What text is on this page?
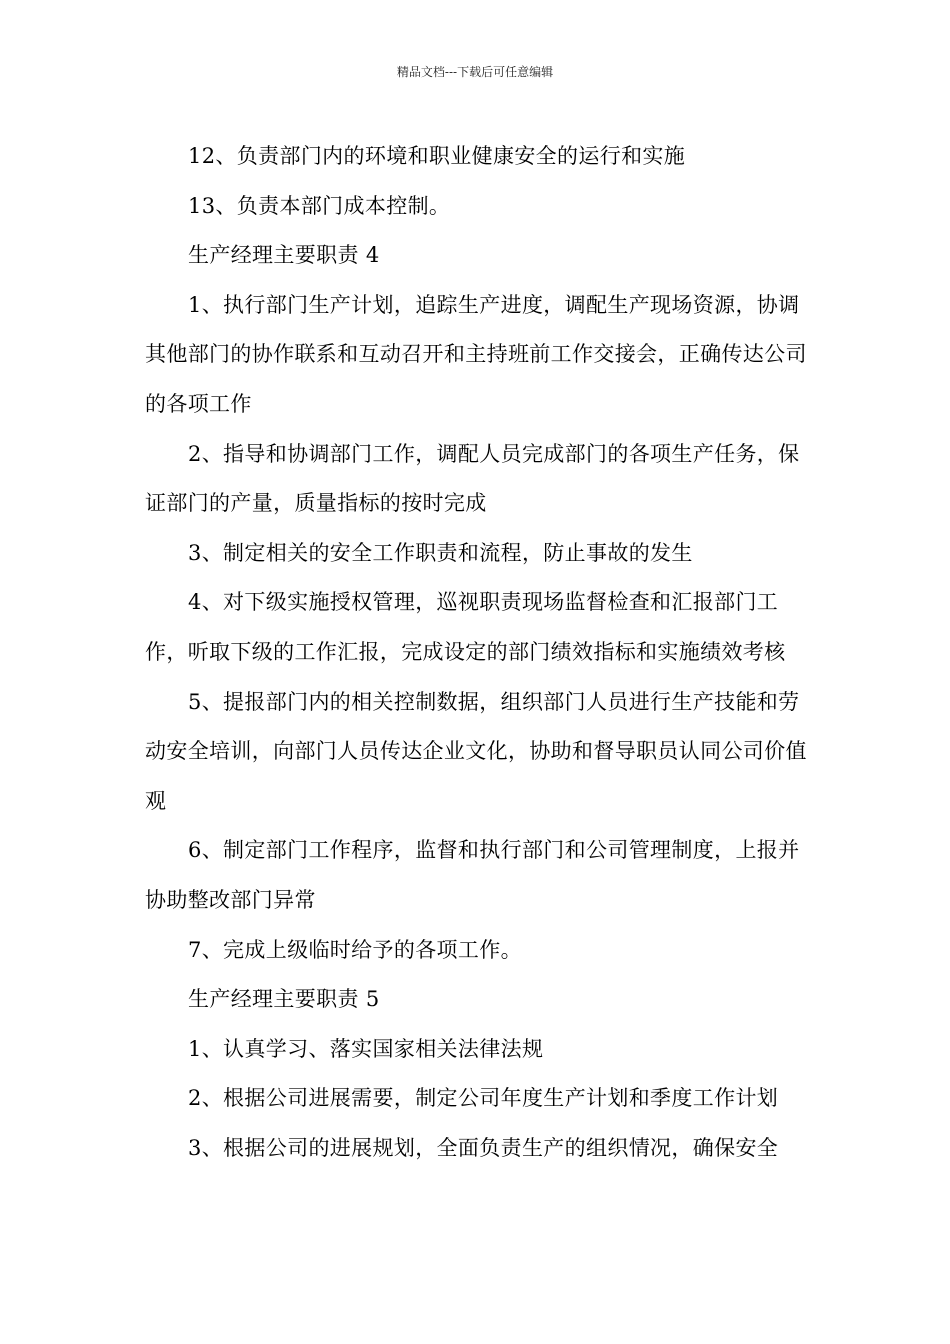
精品文档---下载后可任意编辑

12、负责部门内的环境和职业健康安全的运行和实施

13、负责本部门成本控制。

生产经理主要职责 4

1、执行部门生产计划，追踪生产进度，调配生产现场资源，协调其他部门的协作联系和互动召开和主持班前工作交接会，正确传达公司的各项工作

2、指导和协调部门工作，调配人员完成部门的各项生产任务，保证部门的产量，质量指标的按时完成

3、制定相关的安全工作职责和流程，防止事故的发生

4、对下级实施授权管理，巡视职责现场监督检查和汇报部门工作，听取下级的工作汇报，完成设定的部门绩效指标和实施绩效考核

5、提报部门内的相关控制数据，组织部门人员进行生产技能和劳动安全培训，向部门人员传达企业文化，协助和督导职员认同公司价值观

6、制定部门工作程序，监督和执行部门和公司管理制度，上报并协助整改部门异常

7、完成上级临时给予的各项工作。

生产经理主要职责 5

1、认真学习、落实国家相关法律法规

2、根据公司进展需要，制定公司年度生产计划和季度工作计划

3、根据公司的进展规划，全面负责生产的组织情况，确保安全
